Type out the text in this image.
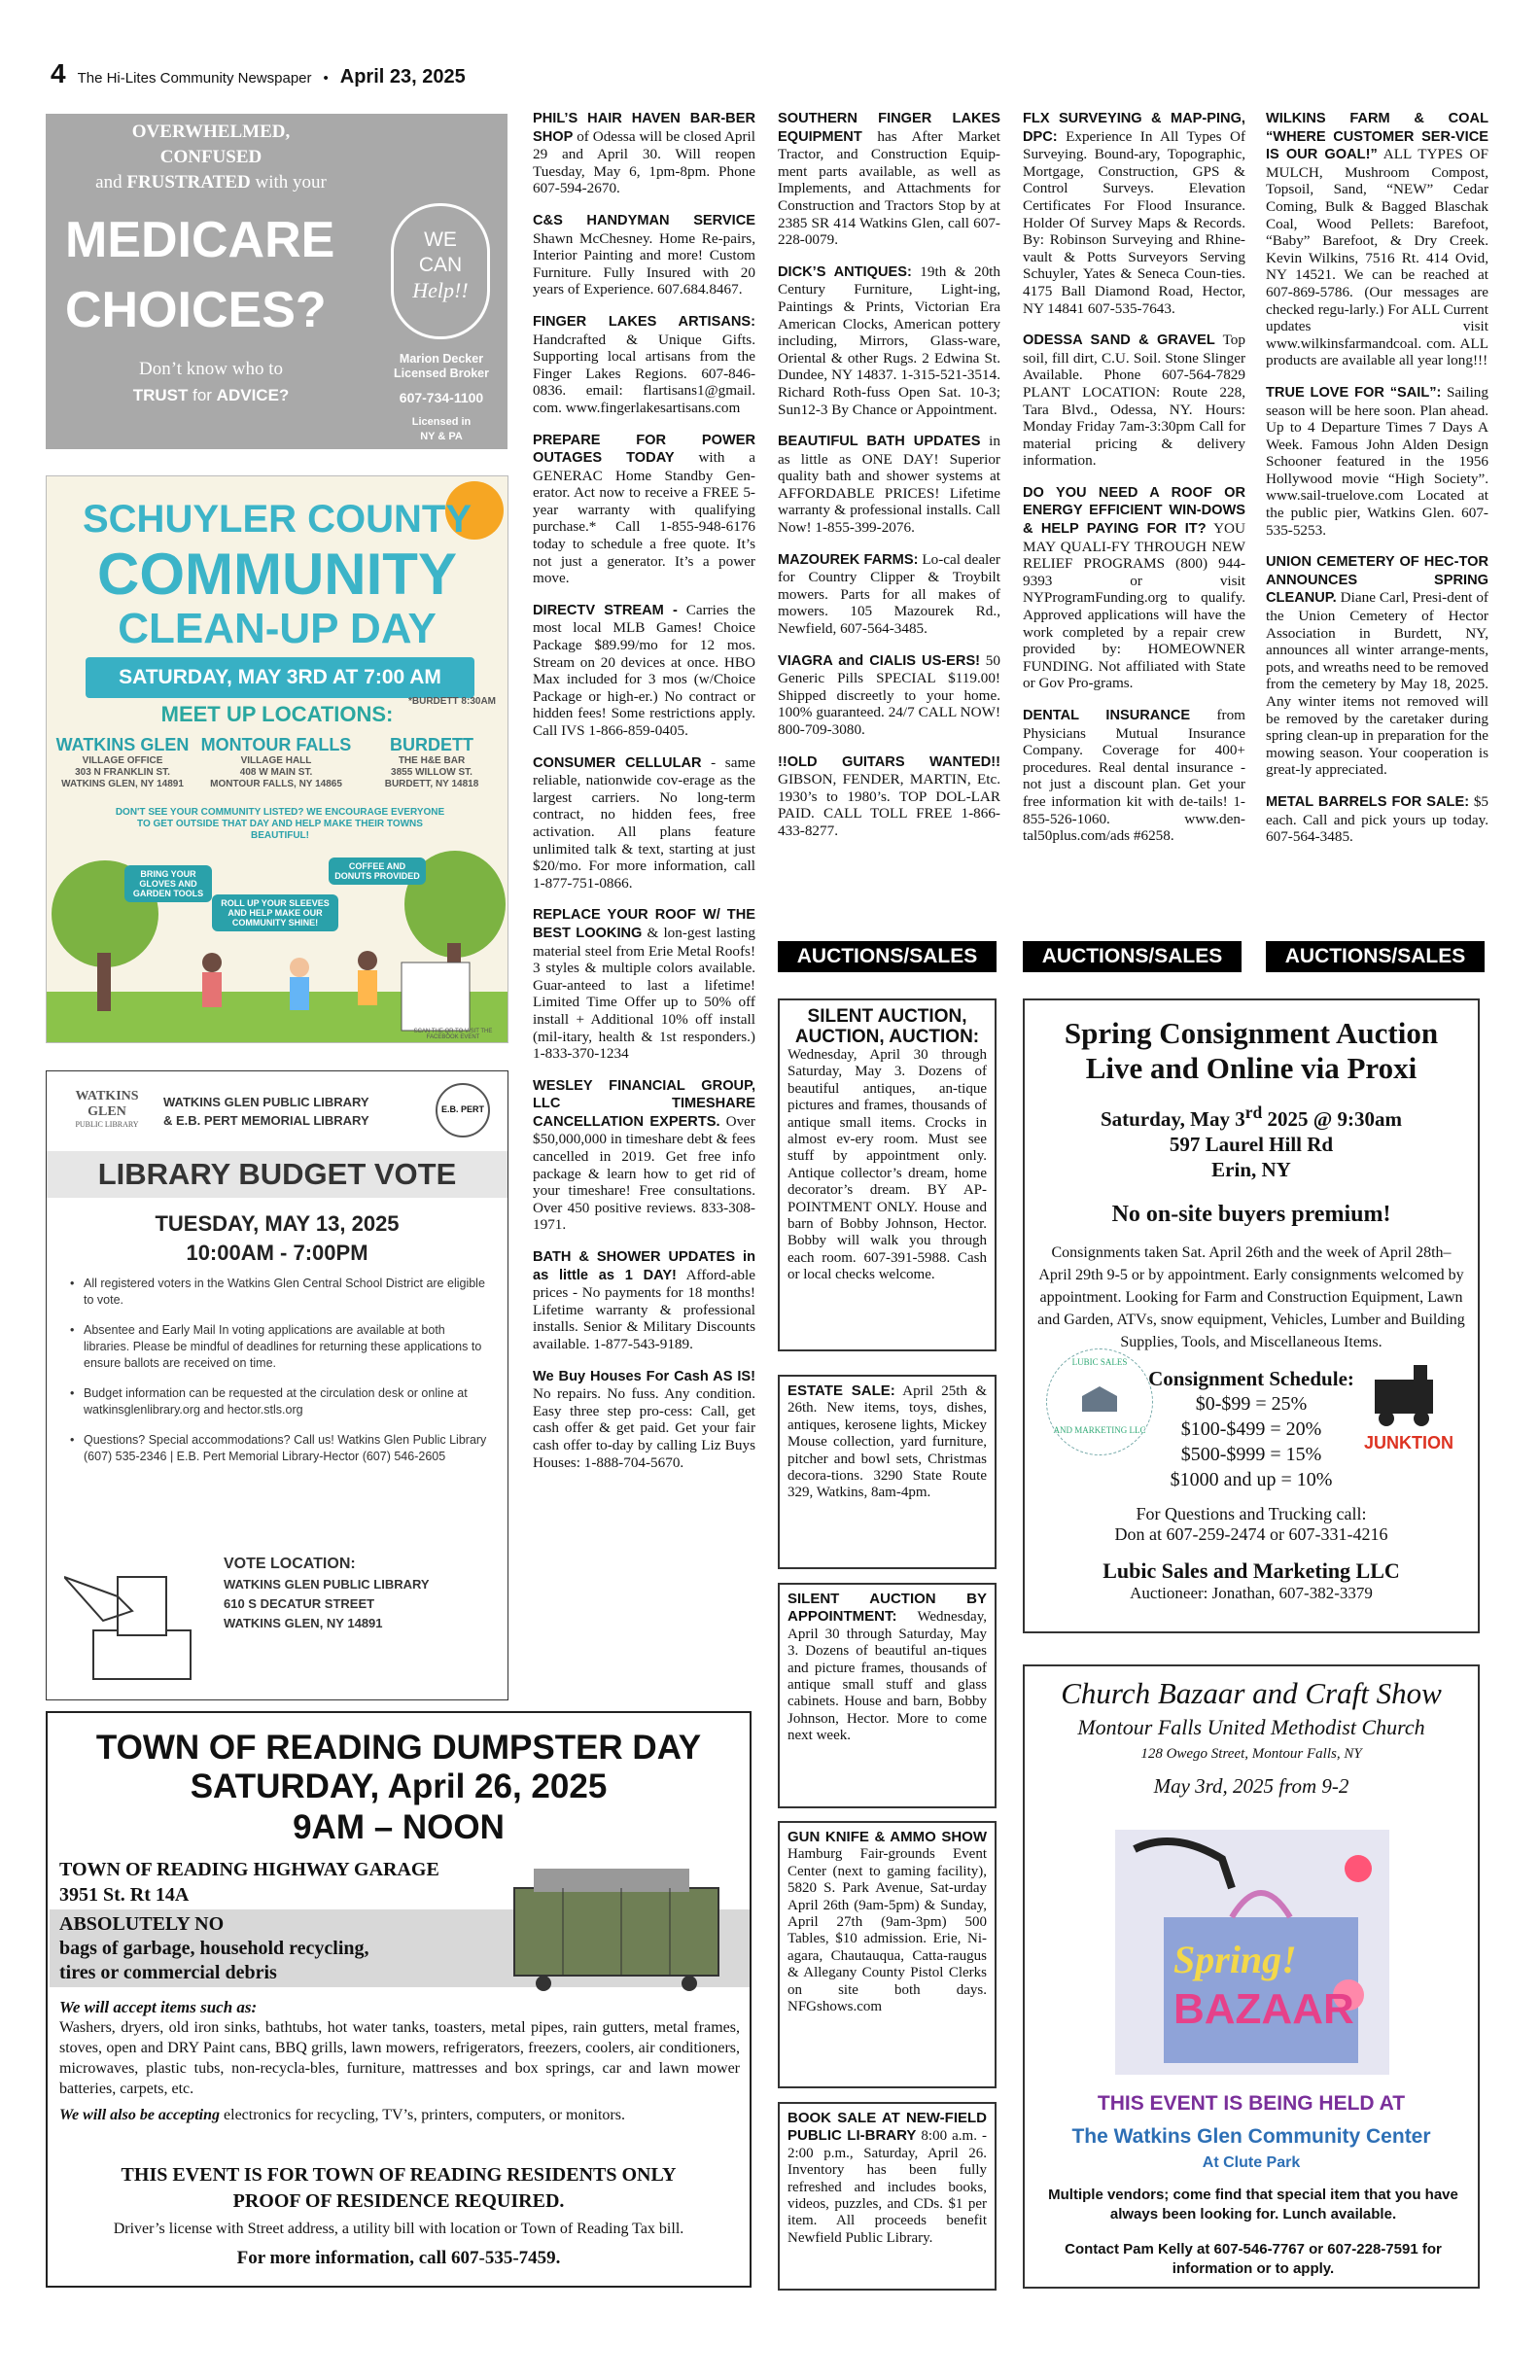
4 The Hi-Lites Community Newspaper • April 23, 2025
OVERWHELMED,
CONFUSED
and FRUSTRATED with your
MEDICARE
CHOICES?
Don’t know who to
TRUST for ADVICE?
WE
CAN
Help!!
Marion Decker
Licensed Broker
607-734-1100
Licensed in
NY & PA
SCHUYLER COUNTY
COMMUNITY
CLEAN-UP DAY
SATURDAY, MAY 3RD AT 7:00 AM
*BURDETT 8:30AM
MEET UP LOCATIONS:
WATKINS GLEN
VILLAGE OFFICE
303 N FRANKLIN ST.
WATKINS GLEN, NY 14891
MONTOUR FALLS
VILLAGE HALL
408 W MAIN ST.
MONTOUR FALLS, NY 14865
BURDETT
THE H&E BAR
3855 WILLOW ST.
BURDETT, NY 14818
DON'T SEE YOUR COMMUNITY LISTED? WE ENCOURAGE EVERYONE TO GET OUTSIDE THAT DAY AND HELP MAKE THEIR TOWNS BEAUTIFUL!
BRING YOUR GLOVES AND GARDEN TOOLS
COFFEE AND DONUTS PROVIDED
ROLL UP YOUR SLEEVES AND HELP MAKE OUR COMMUNITY SHINE!
SCAN THE QR TO VISIT THE FACEBOOK EVENT
WATKINS GLEN
PUBLIC LIBRARY
WATKINS GLEN PUBLIC LIBRARY
& E.B. PERT MEMORIAL LIBRARY
E.B. PERT
LIBRARY BUDGET VOTE
TUESDAY, MAY 13, 2025
10:00AM - 7:00PM
• All registered voters in the Watkins Glen Central School District are eligible to vote.
• Absentee and Early Mail In voting applications are available at both libraries. Please be mindful of deadlines for returning these applications to ensure ballots are received on time.
• Budget information can be requested at the circulation desk or online at watkinsglenlibrary.org and hector.stls.org
• Questions? Special accommodations? Call us! Watkins Glen Public Library (607) 535-2346 | E.B. Pert Memorial Library-Hector (607) 546-2605
VOTE LOCATION:
WATKINS GLEN PUBLIC LIBRARY
610 S DECATUR STREET
WATKINS GLEN, NY 14891
TOWN OF READING DUMPSTER DAY
SATURDAY, April 26, 2025
9AM – NOON
TOWN OF READING HIGHWAY GARAGE
3951 St. Rt 14A
ABSOLUTELY NO
bags of garbage, household recycling,
tires or commercial debris
We will accept items such as:
Washers, dryers, old iron sinks, bathtubs, hot water tanks, toasters, metal pipes, rain gutters, metal frames, stoves, open and DRY Paint cans, BBQ grills, lawn mowers, refrigerators, freezers, coolers, air conditioners, microwaves, plastic tubs, non-recycla-bles, furniture, mattresses and box springs, car and lawn mower batteries, carpets, etc.
We will also be accepting electronics for recycling, TV’s, printers, computers, or monitors.
THIS EVENT IS FOR TOWN OF READING RESIDENTS ONLY
PROOF OF RESIDENCE REQUIRED.
Driver’s license with Street address, a utility bill with location or Town of Reading Tax bill.
For more information, call 607-535-7459.

PHIL’S HAIR HAVEN BAR-BER SHOP of Odessa will be closed April 29 and April 30. Will reopen Tuesday, May 6, 1pm-8pm. Phone 607-594-2670.

C&S HANDYMAN SERVICE Shawn McChesney. Home Re-pairs, Interior Painting and more! Custom Furniture. Fully Insured with 20 years of Experience. 607.684.8467.

FINGER LAKES ARTISANS: Handcrafted & Unique Gifts. Supporting local artisans from the Finger Lakes Regions. 607-846-0836. email: flartisans1@gmail. com. www.fingerlakesartisans.com

PREPARE FOR POWER OUTAGES TODAY with a GENERAC Home Standby Gen-erator. Act now to receive a FREE 5-year warranty with qualifying purchase.* Call 1-855-948-6176 today to schedule a free quote. It’s not just a generator. It’s a power move.

DIRECTV STREAM - Carries the most local MLB Games! Choice Package $89.99/mo for 12 mos. Stream on 20 devices at once. HBO Max included for 3 mos (w/Choice Package or high-er.) No contract or hidden fees! Some restrictions apply. Call IVS 1-866-859-0405.

CONSUMER CELLULAR - same reliable, nationwide cov-erage as the largest carriers. No long-term contract, no hidden fees, free activation. All plans feature unlimited talk & text, starting at just $20/mo. For more information, call 1-877-751-0866.

REPLACE YOUR ROOF W/ THE BEST LOOKING & lon-gest lasting material steel from Erie Metal Roofs! 3 styles & multiple colors available. Guar-anteed to last a lifetime! Limited Time Offer up to 50% off install + Additional 10% off install (mil-itary, health & 1st responders.) 1-833-370-1234

WESLEY FINANCIAL GROUP, LLC TIMESHARE CANCELLATION EXPERTS. Over $50,000,000 in timeshare debt & fees cancelled in 2019. Get free info package & learn how to get rid of your timeshare! Free consultations. Over 450 positive reviews. 833-308-1971.

BATH & SHOWER UPDATES in as little as 1 DAY! Afford-able prices - No payments for 18 months! Lifetime warranty & professional installs. Senior & Military Discounts available. 1-877-543-9189.

We Buy Houses For Cash AS IS! No repairs. No fuss. Any condition. Easy three step pro-cess: Call, get cash offer & get paid. Get your fair cash offer to-day by calling Liz Buys Houses: 1-888-704-5670.

SOUTHERN FINGER LAKES EQUIPMENT has After Market Tractor, and Construction Equip-ment parts available, as well as Implements, and Attachments for Construction and Tractors Stop by at 2385 SR 414 Watkins Glen, call 607-228-0079.

DICK’S ANTIQUES: 19th & 20th Century Furniture, Light-ing, Paintings & Prints, Victorian Era American Clocks, American pottery including, Mirrors, Glass-ware, Oriental & other Rugs. 2 Edwina St. Dundee, NY 14837. 1-315-521-3514. Richard Roth-fuss Open Sat. 10-3; Sun12-3 By Chance or Appointment.

BEAUTIFUL BATH UPDATES in as little as ONE DAY! Superior quality bath and shower systems at AFFORDABLE PRICES! Lifetime warranty & professional installs. Call Now! 1-855-399-2076.

MAZOUREK FARMS: Lo-cal dealer for Country Clipper & Troybilt mowers. Parts for all makes of mowers. 105 Mazourek Rd., Newfield, 607-564-3485.

VIAGRA and CIALIS US-ERS! 50 Generic Pills SPECIAL $119.00! Shipped discreetly to your home. 100% guaranteed. 24/7 CALL NOW! 800-709-3080.

!!OLD GUITARS WANTED!! GIBSON, FENDER, MARTIN, Etc. 1930’s to 1980’s. TOP DOL-LAR PAID. CALL TOLL FREE 1-866-433-8277.

FLX SURVEYING & MAP-PING, DPC: Experience In All Types Of Surveying. Bound-ary, Topographic, Mortgage, Construction, GPS & Control Surveys. Elevation Certificates For Flood Insurance. Holder Of Survey Maps & Records. By: Robinson Surveying and Rhine-vault & Potts Surveyors Serving Schuyler, Yates & Seneca Coun-ties. 4175 Ball Diamond Road, Hector, NY 14841 607-535-7643.

ODESSA SAND & GRAVEL Top soil, fill dirt, C.U. Soil. Stone Slinger Available. Phone 607-564-7829 PLANT LOCATION: Route 228, Tara Blvd., Odessa, NY. Hours: Monday Friday 7am-3:30pm Call for material pricing & delivery information.

DO YOU NEED A ROOF OR ENERGY EFFICIENT WIN-DOWS & HELP PAYING FOR IT? YOU MAY QUALI-FY THROUGH NEW RELIEF PROGRAMS (800) 944-9393 or visit NYProgramFunding.org to qualify. Approved applications will have the work completed by a repair crew provided by: HOMEOWNER FUNDING. Not affiliated with State or Gov Pro-grams.

DENTAL INSURANCE from Physicians Mutual Insurance Company. Coverage for 400+ procedures. Real dental insurance - not just a discount plan. Get your free information kit with de-tails! 1-855-526-1060. www.den-tal50plus.com/ads #6258.

WILKINS FARM & COAL “WHERE CUSTOMER SER-VICE IS OUR GOAL!” ALL TYPES OF MULCH, Mushroom Compost, Topsoil, Sand, “NEW” Cedar Coming, Bulk & Bagged Blaschak Coal, Wood Pellets: Barefoot, “Baby” Barefoot, & Dry Creek. Kevin Wilkins, 7516 Rt. 414 Ovid, NY 14521. We can be reached at 607-869-5786. (Our messages are checked regu-larly.) For ALL Current updates visit www.wilkinsfarmandcoal. com. ALL products are available all year long!!!

TRUE LOVE FOR “SAIL”: Sailing season will be here soon. Plan ahead. Up to 4 Departure Times 7 Days A Week. Famous John Alden Design Schooner featured in the 1956 Hollywood movie “High Society”. www.sail-truelove.com Located at the public pier, Watkins Glen. 607-535-5253.

UNION CEMETERY OF HEC-TOR ANNOUNCES SPRING CLEANUP. Diane Carl, Presi-dent of the Union Cemetery of Hector Association in Burdett, NY, announces all winter arrange-ments, pots, and wreaths need to be removed from the cemetery by May 18, 2025. Any winter items not removed will be removed by the caretaker during spring clean-up in preparation for the mowing season. Your cooperation is great-ly appreciated.

METAL BARRELS FOR SALE: $5 each. Call and pick yours up today. 607-564-3485.

AUCTIONS/SALES	AUCTIONS/SALES	AUCTIONS/SALES
SILENT AUCTION, AUCTION, AUCTION:
Wednesday, April 30 through Saturday, May 3. Dozens of beautiful antiques, an-tique pictures and frames, thousands of antique small items. Crocks in almost ev-ery room. Must see stuff by appointment only. Antique collector’s dream, home decorator’s dream. BY AP-POINTMENT ONLY. House and barn of Bobby Johnson, Hector. Bobby will walk you through each room. 607-391-5988. Cash or local checks welcome.
ESTATE SALE: April 25th & 26th. New items, toys, dishes, antiques, kerosene lights, Mickey Mouse collection, yard furniture, pitcher and bowl sets, Christmas decora-tions. 3290 State Route 329, Watkins, 8am-4pm.
SILENT AUCTION BY APPOINTMENT: Wednesday, April 30 through Saturday, May 3. Dozens of beautiful an-tiques and picture frames, thousands of antique small stuff and glass cabinets. House and barn, Bobby Johnson, Hector. More to come next week.
GUN KNIFE & AMMO SHOW Hamburg Fair-grounds Event Center (next to gaming facility), 5820 S. Park Avenue, Sat-urday April 26th (9am-5pm) & Sunday, April 27th (9am-3pm) 500 Tables, $10 admission. Erie, Ni-agara, Chautauqua, Catta-raugus & Allegany County Pistol Clerks on site both days. NFGshows.com
BOOK SALE AT NEW-FIELD PUBLIC LI-BRARY 8:00 a.m. - 2:00 p.m., Saturday, April 26. Inventory has been fully refreshed and includes books, videos, puzzles, and CDs. $1 per item. All proceeds benefit Newfield Public Library.
Spring Consignment Auction
Live and Online via Proxi
Saturday, May 3rd 2025 @ 9:30am
597 Laurel Hill Rd
Erin, NY
No on-site buyers premium!
Consignments taken Sat. April 26th and the week of April 28th–April 29th 9-5 or by appointment. Early consignments welcomed by appointment. Looking for Farm and Construction Equipment, Lawn and Garden, ATVs, snow equipment, Vehicles, Lumber and Building Supplies, Tools, and Miscellaneous Items.
Consignment Schedule:
$0-$99 = 25%
$100-$499 = 20%
$500-$999 = 15%
$1000 and up = 10%
LUBIC SALES
AND MARKETING LLC
JUNKTION
For Questions and Trucking call:
Don at 607-259-2474 or 607-331-4216
Lubic Sales and Marketing LLC
Auctioneer: Jonathan, 607-382-3379
Church Bazaar and Craft Show
Montour Falls United Methodist Church
128 Owego Street, Montour Falls, NY
May 3rd, 2025 from 9-2
Spring!
BAZAAR
THIS EVENT IS BEING HELD AT
The Watkins Glen Community Center
At Clute Park
Multiple vendors; come find that special item that you have always been looking for. Lunch available.
Contact Pam Kelly at 607-546-7767 or 607-228-7591 for information or to apply.
